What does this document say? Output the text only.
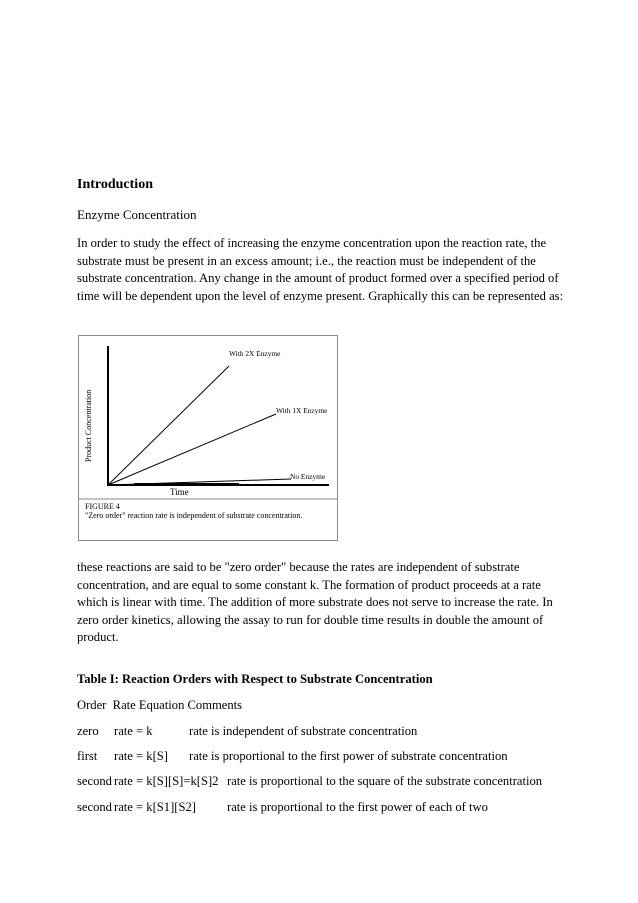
Introduction
Enzyme Concentration
In order to study the effect of increasing the enzyme concentration upon the reaction rate, the substrate must be present in an excess amount; i.e., the reaction must be independent of the substrate concentration. Any change in the amount of product formed over a specified period of time will be dependent upon the level of enzyme present. Graphically this can be represented as:
Product Concentration
Time
With 2X Enzyme
With 1X Enzyme
No Enzyme
FIGURE 4
"Zero order" reaction rate is independent of substrate concentration.
these reactions are said to be "zero order" because the rates are independent of substrate concentration, and are equal to some constant k. The formation of product proceeds at a rate which is linear with time. The addition of more substrate does not serve to increase the rate. In zero order kinetics, allowing the assay to run for double time results in double the amount of product.
Table I: Reaction Orders with Respect to Substrate Concentration
Order  Rate Equation Comments
zero rate = k	rate is independent of substrate concentration
first rate = k[S] rate is proportional to the first power of substrate concentration
second rate = k[S][S]=k[S]2 rate is proportional to the square of the substrate concentration
second rate = k[S1][S2] rate is proportional to the first power of each of two
